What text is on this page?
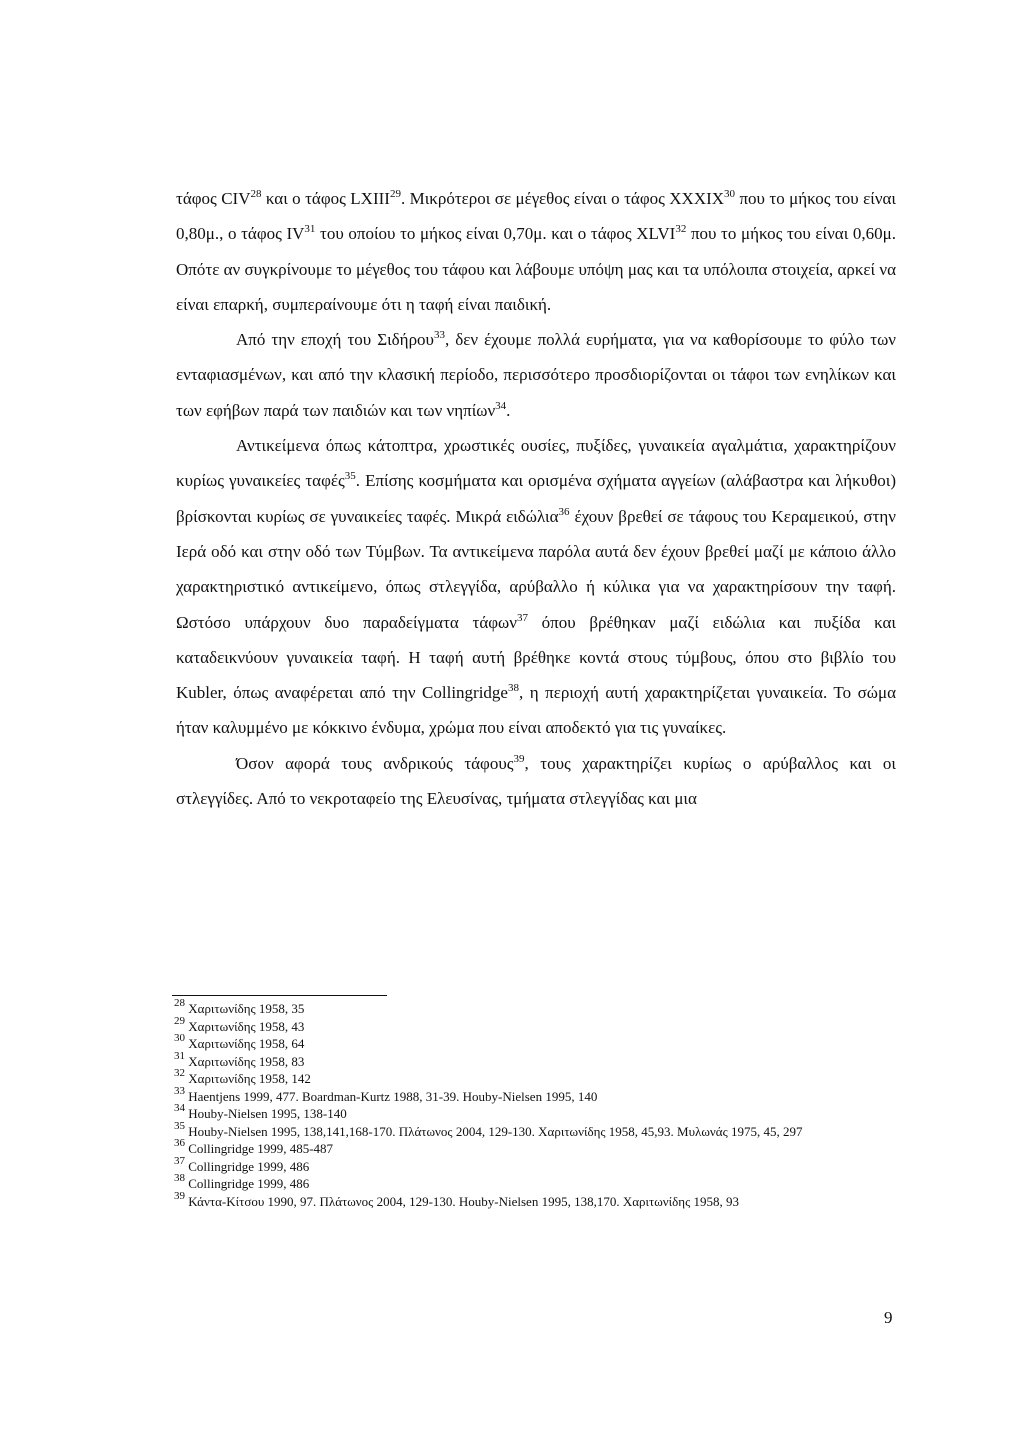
τάφος CIV$^{28}$ και ο τάφος LXIII$^{29}$. Μικρότεροι σε μέγεθος είναι ο τάφος XXXIX$^{30}$ που το μήκος του είναι 0,80μ., ο τάφος IV$^{31}$ του οποίου το μήκος είναι 0,70μ. και ο τάφος XLVI$^{32}$ που το μήκος του είναι 0,60μ. Οπότε αν συγκρίνουμε το μέγεθος του τάφου και λάβουμε υπόψη μας και τα υπόλοιπα στοιχεία, αρκεί να είναι επαρκή, συμπεραίνουμε ότι η ταφή είναι παιδική.

Από την εποχή του Σιδήρου$^{33}$, δεν έχουμε πολλά ευρήματα, για να καθορίσουμε το φύλο των ενταφιασμένων, και από την κλασική περίοδο, περισσότερο προσδιορίζονται οι τάφοι των ενηλίκων και των εφήβων παρά των παιδιών και των νηπίων$^{34}$.

Αντικείμενα όπως κάτοπτρα, χρωστικές ουσίες, πυξίδες, γυναικεία αγαλμάτια, χαρακτηρίζουν κυρίως γυναικείες ταφές$^{35}$. Επίσης κοσμήματα και ορισμένα σχήματα αγγείων (αλάβαστρα και λήκυθοι) βρίσκονται κυρίως σε γυναικείες ταφές. Μικρά ειδώλια$^{36}$ έχουν βρεθεί σε τάφους του Κεραμεικού, στην Ιερά οδό και στην οδό των Τύμβων. Τα αντικείμενα παρόλα αυτά δεν έχουν βρεθεί μαζί με κάποιο άλλο χαρακτηριστικό αντικείμενο, όπως στλεγγίδα, αρύβαλλο ή κύλικα για να χαρακτηρίσουν την ταφή. Ωστόσο υπάρχουν δυο παραδείγματα τάφων$^{37}$ όπου βρέθηκαν μαζί ειδώλια και πυξίδα και καταδεικνύουν γυναικεία ταφή. Η ταφή αυτή βρέθηκε κοντά στους τύμβους, όπου στο βιβλίο του Kubler, όπως αναφέρεται από την Collingridge$^{38}$, η περιοχή αυτή χαρακτηρίζεται γυναικεία. Το σώμα ήταν καλυμμένο με κόκκινο ένδυμα, χρώμα που είναι αποδεκτό για τις γυναίκες.

Όσον αφορά τους ανδρικούς τάφους$^{39}$, τους χαρακτηρίζει κυρίως ο αρύβαλλος και οι στλεγγίδες. Από το νεκροταφείο της Ελευσίνας, τμήματα στλεγγίδας και μια

$^{28}$ Χαριτωνίδης 1958, 35
$^{29}$ Χαριτωνίδης 1958, 43
$^{30}$ Χαριτωνίδης 1958, 64
$^{31}$ Χαριτωνίδης 1958, 83
$^{32}$ Χαριτωνίδης 1958, 142
$^{33}$ Haentjens 1999, 477. Boardman-Kurtz 1988, 31-39. Houby-Nielsen 1995, 140
$^{34}$ Houby-Nielsen 1995, 138-140
$^{35}$ Houby-Nielsen 1995, 138,141,168-170. Πλάτωνος 2004, 129-130. Χαριτωνίδης 1958, 45,93. Μυλωνάς 1975, 45, 297
$^{36}$ Collingridge 1999, 485-487
$^{37}$ Collingridge 1999, 486
$^{38}$ Collingridge 1999, 486
$^{39}$ Κάντα-Κίτσου 1990, 97. Πλάτωνος 2004, 129-130. Houby-Nielsen 1995, 138,170. Χαριτωνίδης 1958, 93
9
